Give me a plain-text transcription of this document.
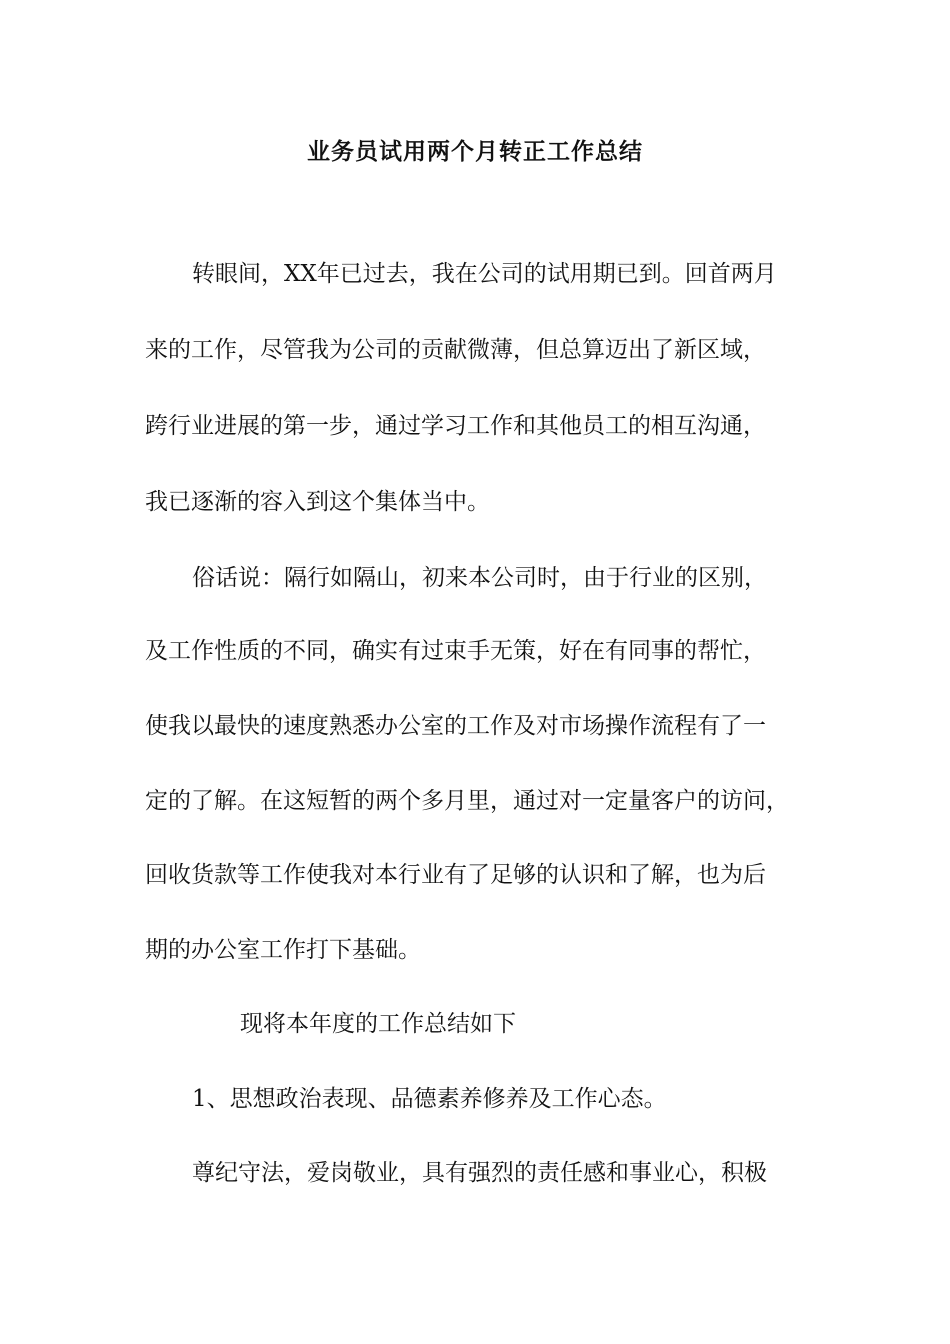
业务员试用两个月转正工作总结

转眼间，XX年已过去，我在公司的试用期已到。回首两月

来的工作，尽管我为公司的贡献微薄，但总算迈出了新区域，

跨行业进展的第一步，通过学习工作和其他员工的相互沟通，

我已逐渐的容入到这个集体当中。

俗话说：隔行如隔山，初来本公司时，由于行业的区别，

及工作性质的不同，确实有过束手无策，好在有同事的帮忙，

使我以最快的速度熟悉办公室的工作及对市场操作流程有了一

定的了解。在这短暂的两个多月里，通过对一定量客户的访问，

回收货款等工作使我对本行业有了足够的认识和了解，也为后

期的办公室工作打下基础。

现将本年度的工作总结如下

1、思想政治表现、品德素养修养及工作心态。

尊纪守法，爱岗敬业，具有强烈的责任感和事业心，积极
